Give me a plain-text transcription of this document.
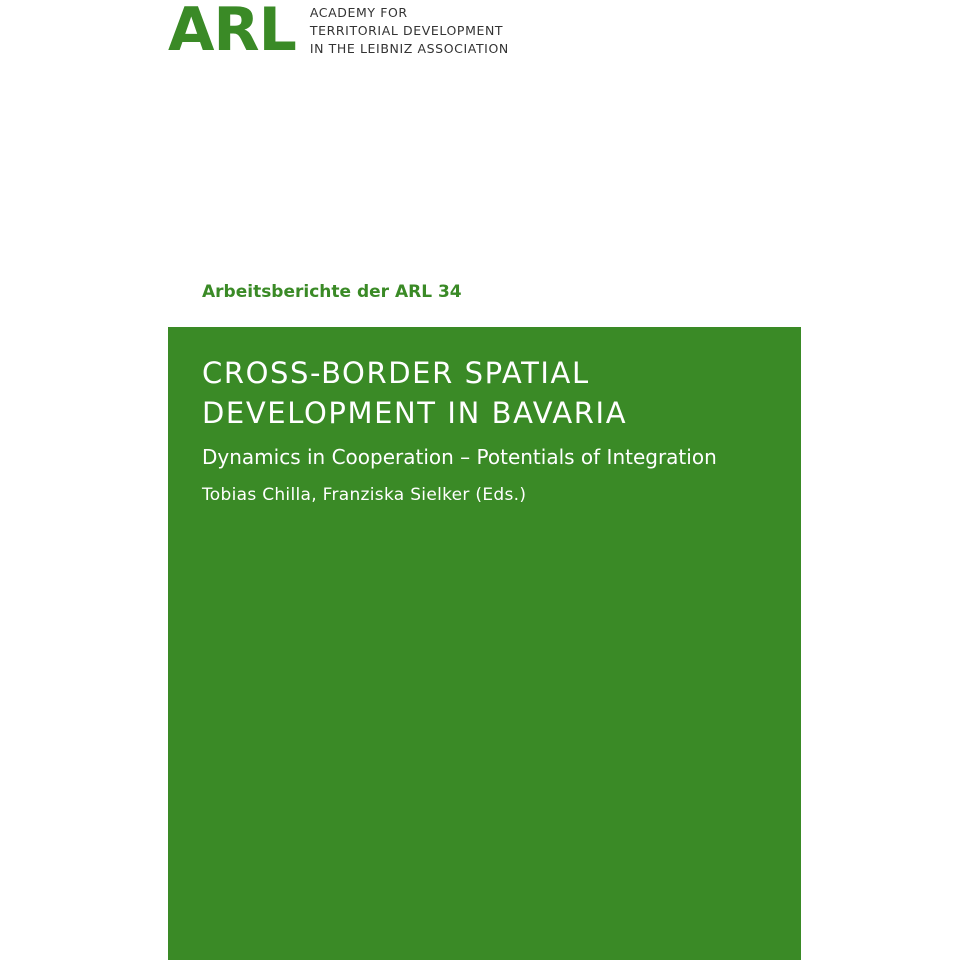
ARL ACADEMY FOR
TERRITORIAL DEVELOPMENT
IN THE LEIBNIZ ASSOCIATION
Arbeitsberichte der ARL 34
CROSS-BORDER SPATIAL
DEVELOPMENT IN BAVARIA
Dynamics in Cooperation – Potentials of Integration
Tobias Chilla, Franziska Sielker (Eds.)
